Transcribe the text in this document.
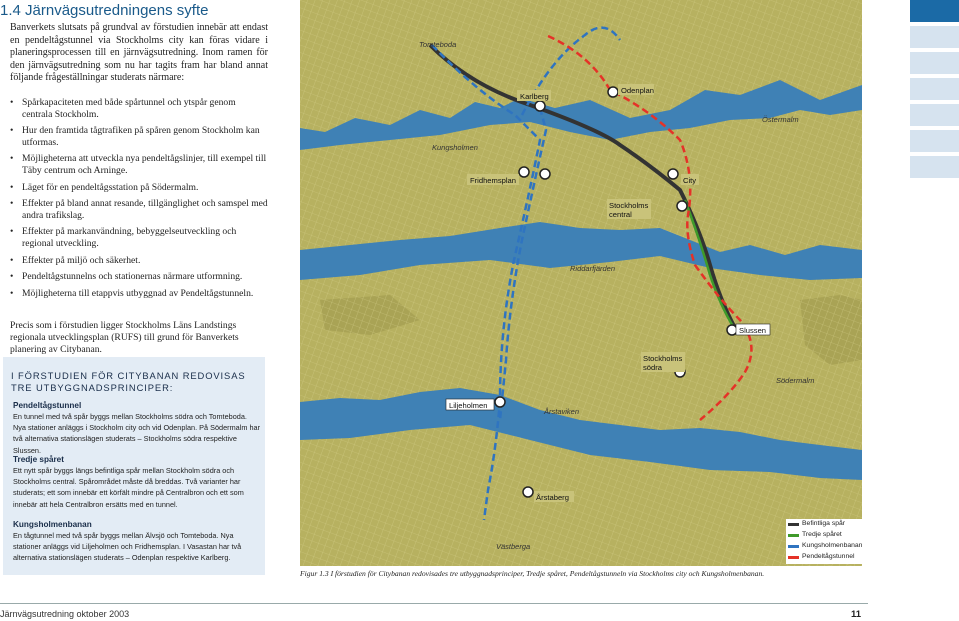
1.4 Järnvägsutredningens syfte
Banverkets slutsats på grundval av förstudien innebär att endast en pendeltågstunnel via Stockholms city kan föras vidare i planeringsprocessen till en järnvägsutredning. Inom ramen för den järnvägsutredning som nu har tagits fram har bland annat följande frågeställningar studerats närmare:
• Spårkapaciteten med både spårtunnel och ytspår genom centrala Stockholm.
• Hur den framtida tågtrafiken på spåren genom Stockholm kan utformas.
• Möjligheterna att utveckla nya pendeltågslinjer, till exempel till Täby centrum och Arninge.
• Läget för en pendeltågsstation på Södermalm.
• Effekter på bland annat resande, tillgänglighet och samspel med andra trafikslag.
• Effekter på markanvändning, bebyggelseutveckling och regional utveckling.
• Effekter på miljö och säkerhet.
• Pendeltågstunnelns och stationernas närmare utformning.
• Möjligheterna till etappvis utbyggnad av Pendeltågstunneln.
Precis som i förstudien ligger Stockholms Läns Landstings regionala utvecklingsplan (RUFS) till grund för Banverkets planering av Citybanan.
I FÖRSTUDIEN FÖR CITYBANAN REDOVISAS TRE UTBYGGNADSPRINCIPER:
Pendeltågstunnel

En tunnel med två spår byggs mellan Stockholms södra och Tomteboda. Nya stationer anläggs i Stockholm city och vid Odenplan. På Södermalm har två alternativa stationslägen studerats – Stockholms södra respektive Slussen.

Tredje spåret

Ett nytt spår byggs längs befintliga spår mellan Stockholm södra och Stockholms central. Spårområdet måste då breddas. Två varianter har studerats; ett som innebär ett körfält mindre på Centralbron och ett som innebär att hela Centralbron ersätts med en tunnel.

Kungsholmenbanan

En tågtunnel med två spår byggs mellan Älvsjö och Tomteboda. Nya stationer anläggs vid Liljeholmen och Fridhemsplan. I Vasastan har två alternativa stationslägen studerats – Odenplan respektive Karlberg.

Tomteboda
Östermalm
Kungsholmen
Riddarfjärden
Södermalm
Årstaviken
Västberga
Karlberg
Odenplan
Fridhemsplan	City
Stockholms
central
Slussen
Stockholms
södra
Liljeholmen
Årstaberg
Befintliga spår
Tredje spåret
Kungsholmenbanan
Pendeltågstunnel
Figur 1.3 I förstudien för Citybanan redovisades tre utbyggnadsprinciper, Tredje spåret, Pendeltågstunneln via Stockholms city och Kungsholmenbanan.
Järnvägsutredning oktober 2003	11
